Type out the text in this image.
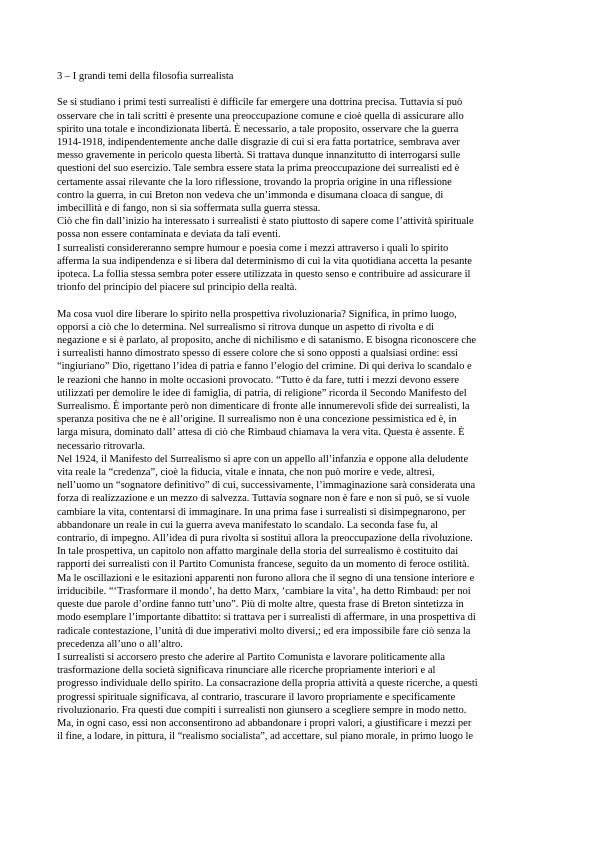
3 – I grandi temi della filosofia surrealista

Se si studiano i primi testi surrealisti è difficile far emergere una dottrina precisa. Tuttavia si può

osservare che in tali scritti è presente una preoccupazione comune e cioè quella di assicurare allo

spirito una totale e incondizionata libertà. È necessario, a tale proposito, osservare che la guerra

1914-1918, indipendentemente anche dalle disgrazie di cui si era fatta portatrice, sembrava aver

messo gravemente in pericolo questa libertà. Si trattava dunque innanzitutto di interrogarsi sulle

questioni del suo esercizio. Tale sembra essere stata la prima preoccupazione dei surrealisti ed è

certamente assai rilevante che la loro riflessione, trovando la propria origine in una riflessione

contro la guerra, in cui Breton non vedeva che un’immonda e disumana cloaca di sangue, di

imbecillità e di fango, non si sia soffermata sulla guerra stessa.

Ciò che fin dall’inizio ha interessato i surrealisti è stato piuttosto di sapere come l’attività spirituale

possa non essere contaminata e deviata da tali eventi.

I surrealisti considereranno sempre humour e poesia come i mezzi attraverso i quali lo spirito

afferma la sua indipendenza e si libera dal determinismo di cui la vita quotidiana accetta la pesante

ipoteca. La follia stessa sembra poter essere utilizzata in questo senso e contribuire ad assicurare il

trionfo del principio del piacere sul principio della realtà.

Ma cosa vuol dire liberare lo spirito nella prospettiva rivoluzionaria? Significa, in primo luogo,

opporsi a ciò che lo determina. Nel surrealismo si ritrova dunque un aspetto di rivolta e di

negazione e si è parlato, al proposito, anche di nichilismo e di satanismo. E bisogna riconoscere che

i surrealisti hanno dimostrato spesso di essere colore che si sono opposti a qualsiasi ordine: essi

“ingiuriano” Dio, rigettano l’idea di patria e fanno l’elogio del crimine. Di qui deriva lo scandalo e

le reazioni che hanno in molte occasioni provocato. “Tutto è da fare, tutti i mezzi devono essere

utilizzati per demolire le idee di famiglia, di patria, di religione” ricorda il Secondo Manifesto del

Surrealismo. È importante però non dimenticare di fronte alle innumerevoli sfide dei surrealisti, la

speranza positiva che ne è all’origine. Il surrealismo non è una concezione pessimistica ed è, in

larga misura, dominato dall’ attesa di ciò che Rimbaud chiamava la vera vita. Questa è assente. È

necessario ritrovarla.

Nel 1924, il Manifesto del Surrealismo si apre con un appello all’infanzia e oppone alla deludente

vita reale la “credenza”, cioè la fiducia, vitale e innata, che non può morire e vede, altresì,

nell’uomo un “sognatore definitivo” di cui, successivamente, l’immaginazione sarà considerata una

forza di realizzazione e un mezzo di salvezza. Tuttavia sognare non è fare e non si può, se si vuole

cambiare la vita, contentarsi di immaginare. In una prima fase i surrealisti si disimpegnarono, per

abbandonare un reale in cui la guerra aveva manifestato lo scandalo. La seconda fase fu, al

contrario, di impegno. All’idea di pura rivolta si sostituì allora la preoccupazione della rivoluzione.

In tale prospettiva, un capitolo non affatto marginale della storia del surrealismo è costituito dai

rapporti dei surrealisti con il Partito Comunista francese, seguito da un momento di feroce ostilità.

Ma le oscillazioni e le esitazioni apparenti non furono allora che il segno di una tensione interiore e

irriducibile. “‘Trasformare il mondo’, ha detto Marx, ‘cambiare la vita’, ha detto Rimbaud: per noi

queste due parole d’ordine fanno tutt’uno”. Più di molte altre, questa frase di Breton sintetizza in

modo esemplare l’importante dibattito: si trattava per i surrealisti di affermare, in una prospettiva di

radicale contestazione, l’unità di due imperativi molto diversi,; ed era impossibile fare ciò senza la

precedenza all’uno o all’altro.

I surrealisti si accorsero presto che aderire al Partito Comunista e lavorare politicamente alla

trasformazione della società significava rinunciare alle ricerche propriamente interiori e al

progresso individuale dello spirito. La consacrazione della propria attività a queste ricerche, a questi

progressi spirituale significava, al contrario, trascurare il lavoro propriamente e specificamente

rivoluzionario. Fra questi due compiti i surrealisti non giunsero a scegliere sempre in modo netto.

Ma, in ogni caso, essi non acconsentirono ad abbandonare i propri valori, a giustificare i mezzi per

il fine, a lodare, in pittura, il “realismo socialista”, ad accettare, sul piano morale, in primo luogo le
